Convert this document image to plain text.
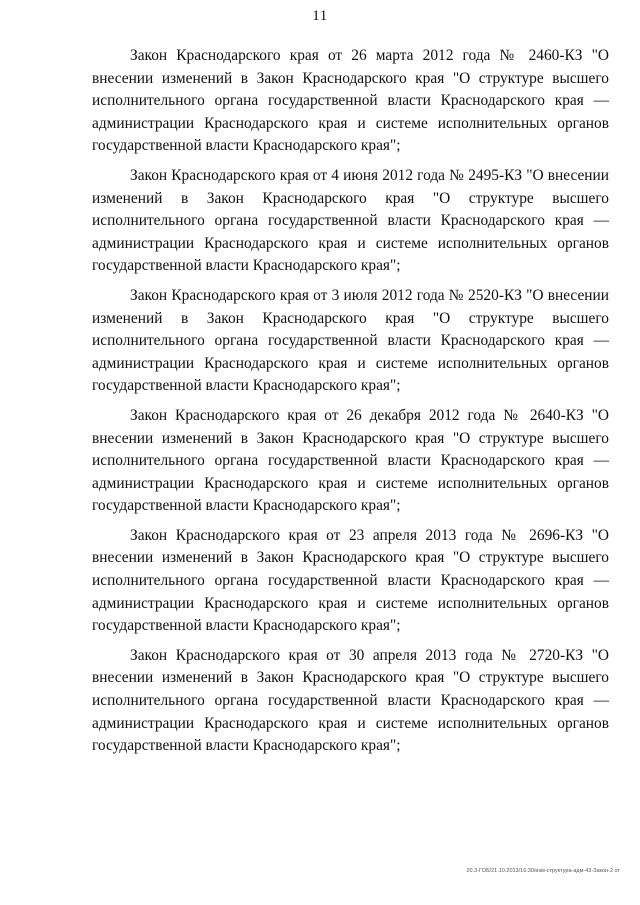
11

Закон Краснодарского края от 26 марта 2012 года № 2460-КЗ "О внесении изменений в Закон Краснодарского края "О структуре высшего исполнительного органа государственной власти Краснодарского края — администрации Краснодарского края и системе исполнительных органов государственной власти Краснодарского края";

Закон Краснодарского края от 4 июня 2012 года № 2495-КЗ "О внесении изменений в Закон Краснодарского края "О структуре высшего исполнительного органа государственной власти Краснодарского края — администрации Краснодарского края и системе исполнительных органов государственной власти Краснодарского края";

Закон Краснодарского края от 3 июля 2012 года № 2520-КЗ "О внесении изменений в Закон Краснодарского края "О структуре высшего исполнительного органа государственной власти Краснодарского края — администрации Краснодарского края и системе исполнительных органов государственной власти Краснодарского края";

Закон Краснодарского края от 26 декабря 2012 года № 2640-КЗ "О внесении изменений в Закон Краснодарского края "О структуре высшего исполнительного органа государственной власти Краснодарского края — администрации Краснодарского края и системе исполнительных органов государственной власти Краснодарского края";

Закон Краснодарского края от 23 апреля 2013 года № 2696-КЗ "О внесении изменений в Закон Краснодарского края "О структуре высшего исполнительного органа государственной власти Краснодарского края — администрации Краснодарского края и системе исполнительных органов государственной власти Краснодарского края";

Закон Краснодарского края от 30 апреля 2013 года № 2720-КЗ "О внесении изменений в Закон Краснодарского края "О структуре высшего исполнительного органа государственной власти Краснодарского края — администрации Краснодарского края и системе исполнительных органов государственной власти Краснодарского края";

20.3-ГОБ/21.10.2013/16:30/изм-структура-адм-43-Закон-2 от
